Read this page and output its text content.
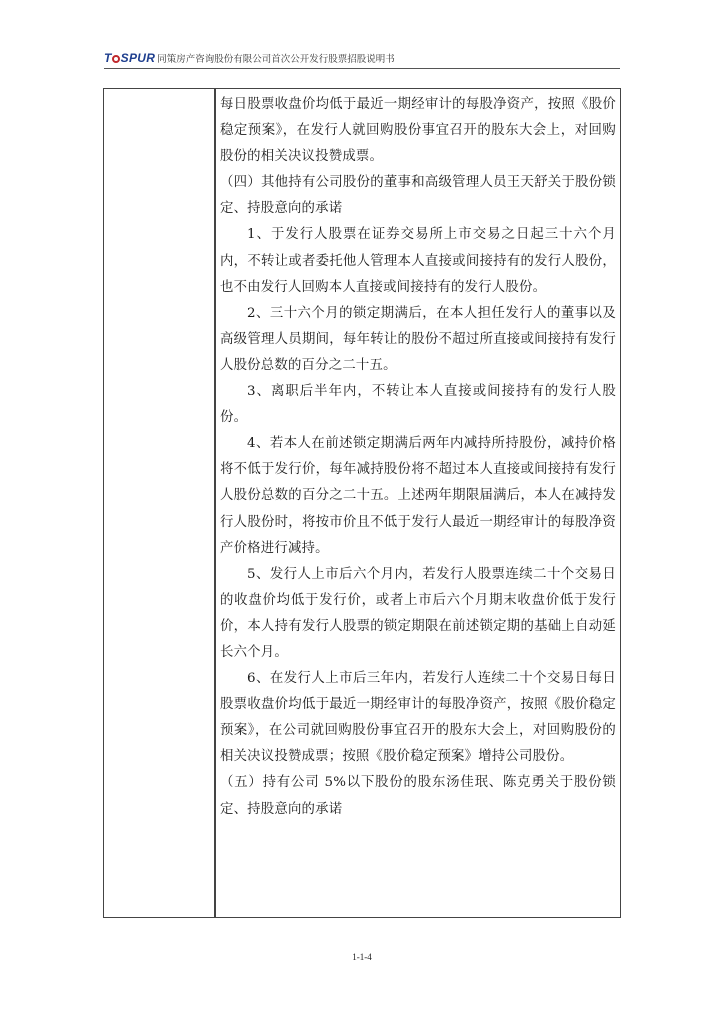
T SPUR 同策房产咨询股份有限公司首次公开发行股票招股说明书

每日股票收盘价均低于最近一期经审计的每股净资产，按照《股价稳定预案》，在发行人就回购股份事宜召开的股东大会上，对回购股份的相关决议投赞成票。

（四）其他持有公司股份的董事和高级管理人员王天舒关于股份锁定、持股意向的承诺

1、于发行人股票在证券交易所上市交易之日起三十六个月内，不转让或者委托他人管理本人直接或间接持有的发行人股份，也不由发行人回购本人直接或间接持有的发行人股份。

2、三十六个月的锁定期满后，在本人担任发行人的董事以及高级管理人员期间，每年转让的股份不超过所直接或间接持有发行人股份总数的百分之二十五。

3、离职后半年内，不转让本人直接或间接持有的发行人股份。

4、若本人在前述锁定期满后两年内减持所持股份，减持价格将不低于发行价，每年减持股份将不超过本人直接或间接持有发行人股份总数的百分之二十五。上述两年期限届满后，本人在减持发行人股份时，将按市价且不低于发行人最近一期经审计的每股净资产价格进行减持。

5、发行人上市后六个月内，若发行人股票连续二十个交易日的收盘价均低于发行价，或者上市后六个月期末收盘价低于发行价，本人持有发行人股票的锁定期限在前述锁定期的基础上自动延长六个月。

6、在发行人上市后三年内，若发行人连续二十个交易日每日股票收盘价均低于最近一期经审计的每股净资产，按照《股价稳定预案》，在公司就回购股份事宜召开的股东大会上，对回购股份的相关决议投赞成票；按照《股价稳定预案》增持公司股份。

（五）持有公司 5%以下股份的股东汤佳珉、陈克勇关于股份锁定、持股意向的承诺

1-1-4
